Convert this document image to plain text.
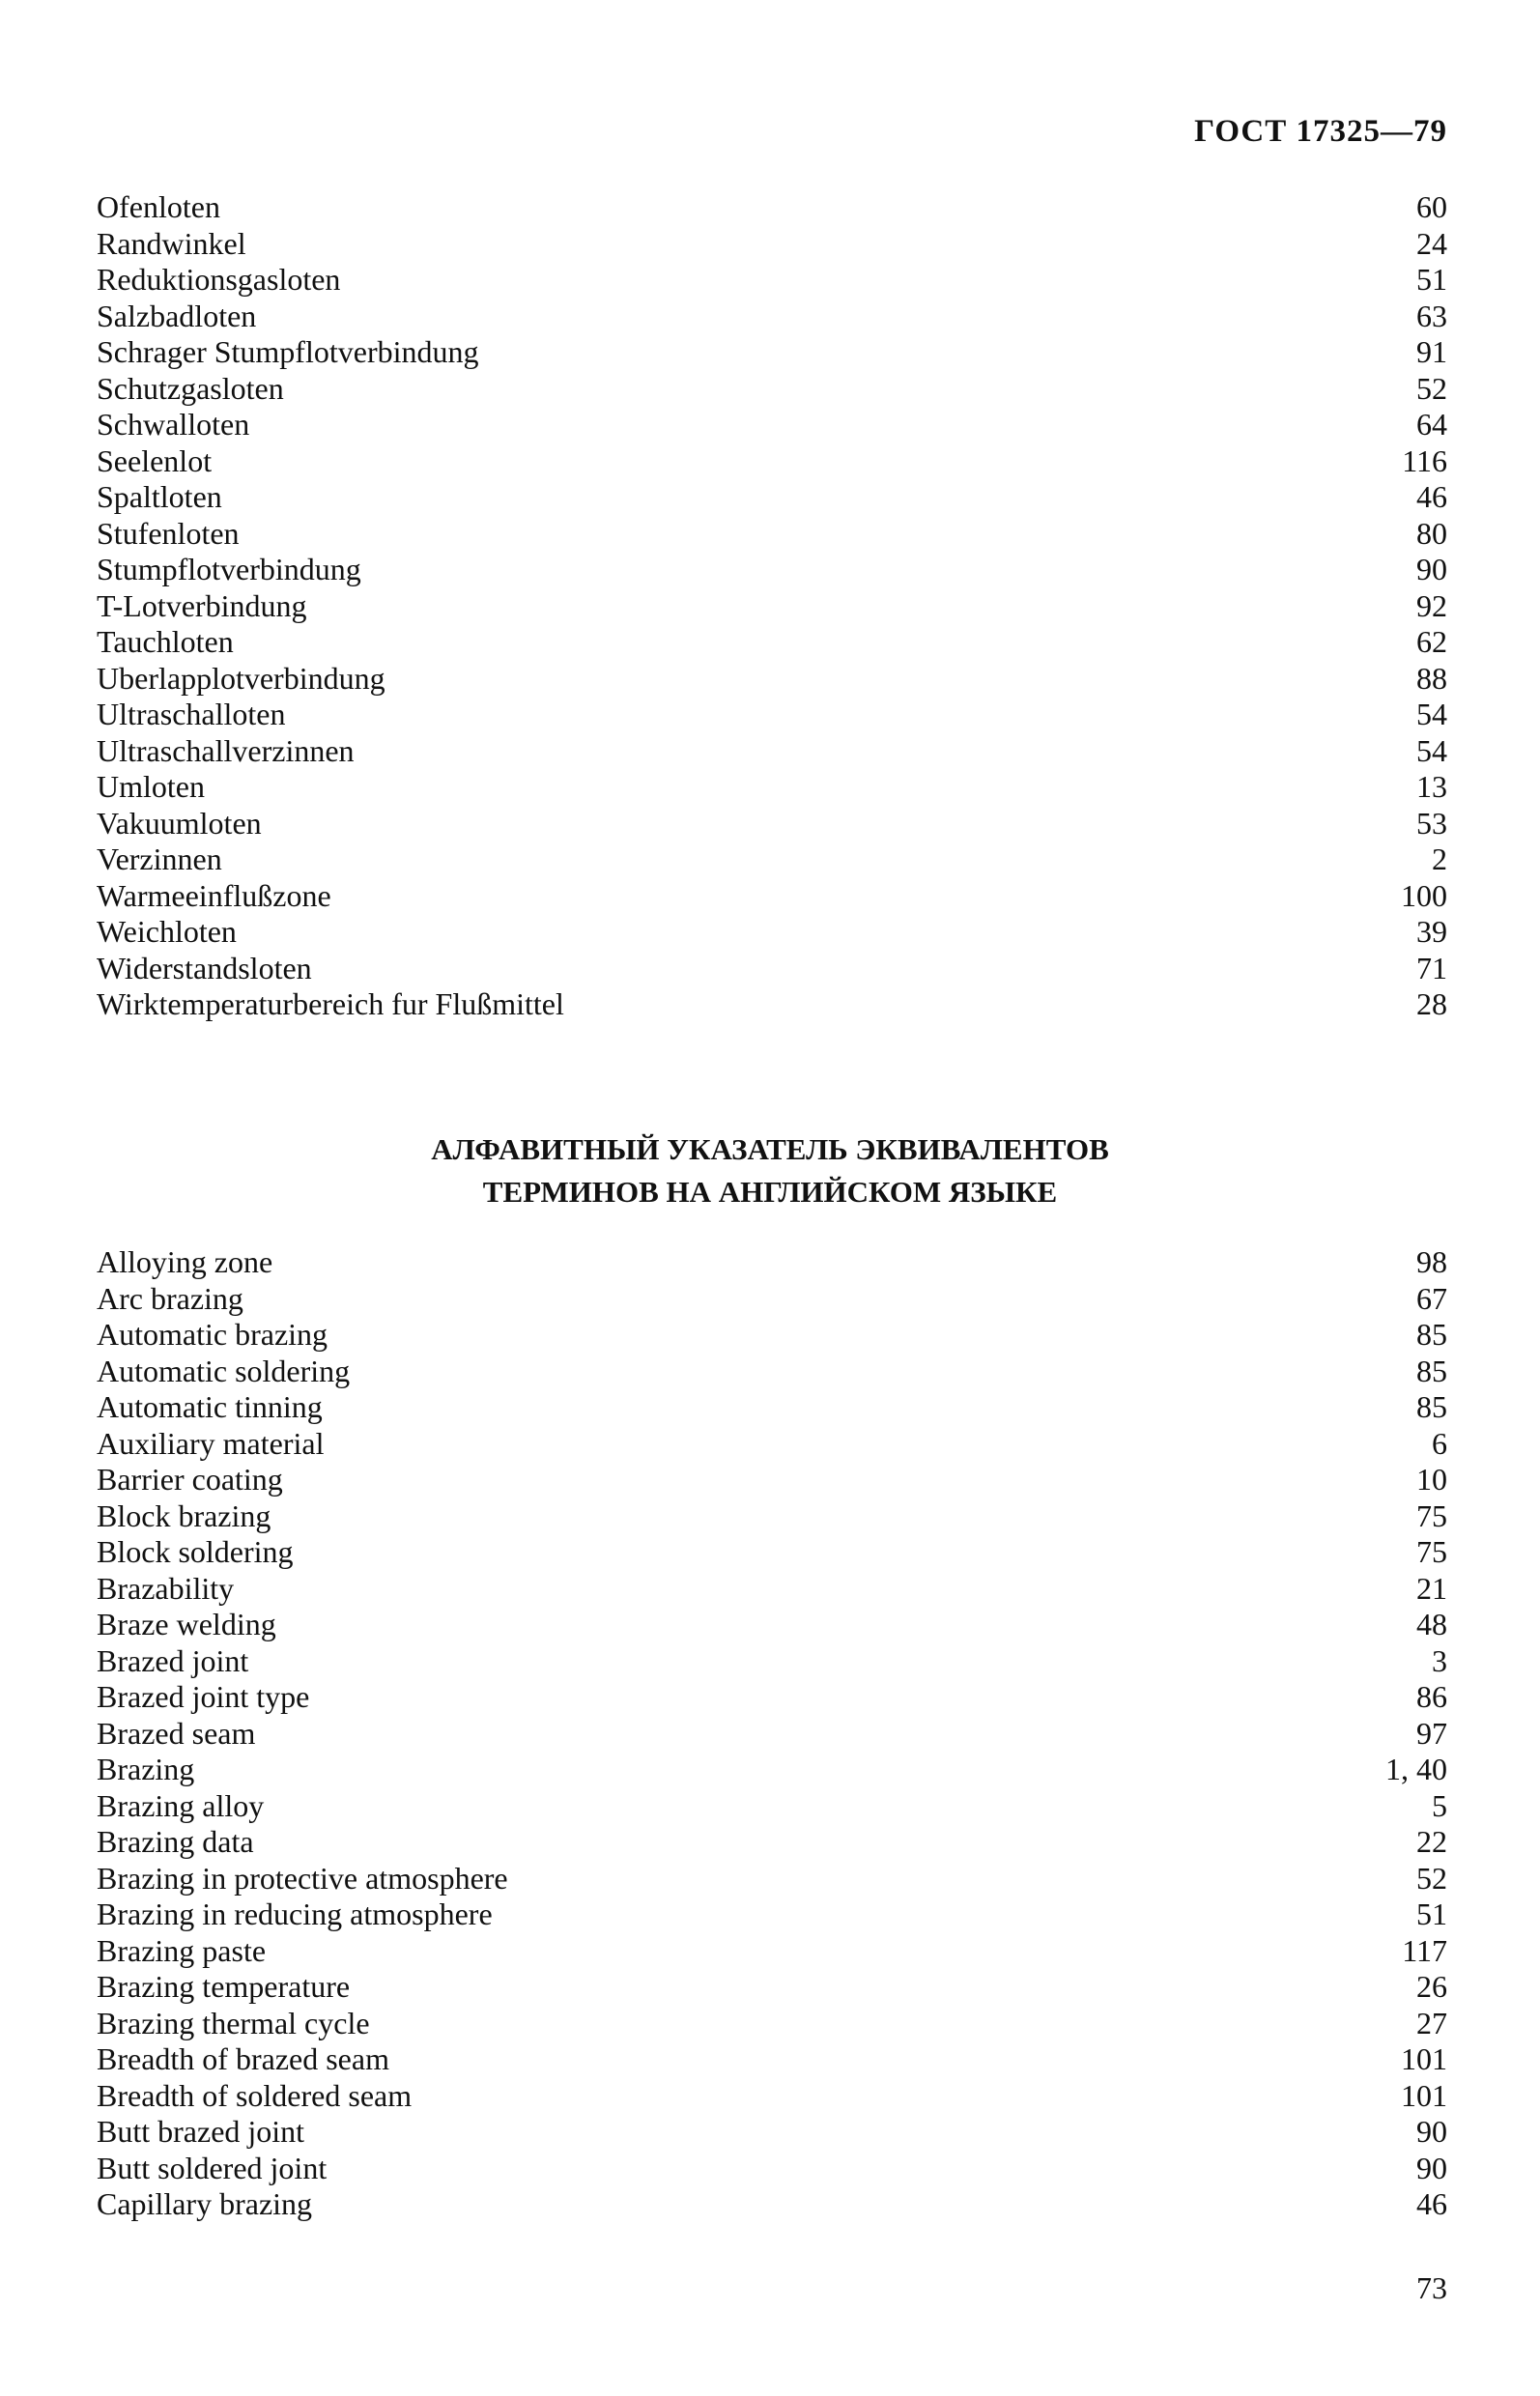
ГОСТ 17325—79
Ofenloten	60
Randwinkel	24
Reduktionsgasloten	51
Salzbadloten	63
Schrager Stumpflotverbindung	91
Schutzgasloten	52
Schwalloten	64
Seelenlot	116
Spaltloten	46
Stufenloten	80
Stumpflotverbindung	90
T-Lotverbindung	92
Tauchloten	62
Uberlapplotverbindung	88
Ultraschalloten	54
Ultraschallverzinnen	54
Umloten	13
Vakuumloten	53
Verzinnen	2
Warmeeinflußzone	100
Weichloten	39
Widerstandsloten	71
Wirktemperaturbereich fur Flußmittel	28
АЛФАВИТНЫЙ УКАЗАТЕЛЬ ЭКВИВАЛЕНТОВ
ТЕРМИНОВ НА АНГЛИЙСКОМ ЯЗЫКЕ
Alloying zone	98
Arc brazing	67
Automatic brazing	85
Automatic soldering	85
Automatic tinning	85
Auxiliary material	6
Barrier coating	10
Block brazing	75
Block soldering	75
Brazability	21
Braze welding	48
Brazed joint	3
Brazed joint type	86
Brazed seam	97
Brazing	1, 40
Brazing alloy	5
Brazing data	22
Brazing in protective atmosphere	52
Brazing in reducing atmosphere	51
Brazing paste	117
Brazing temperature	26
Brazing thermal cycle	27
Breadth of brazed seam	101
Breadth of soldered seam	101
Butt brazed joint	90
Butt soldered joint	90
Capillary brazing	46
73
